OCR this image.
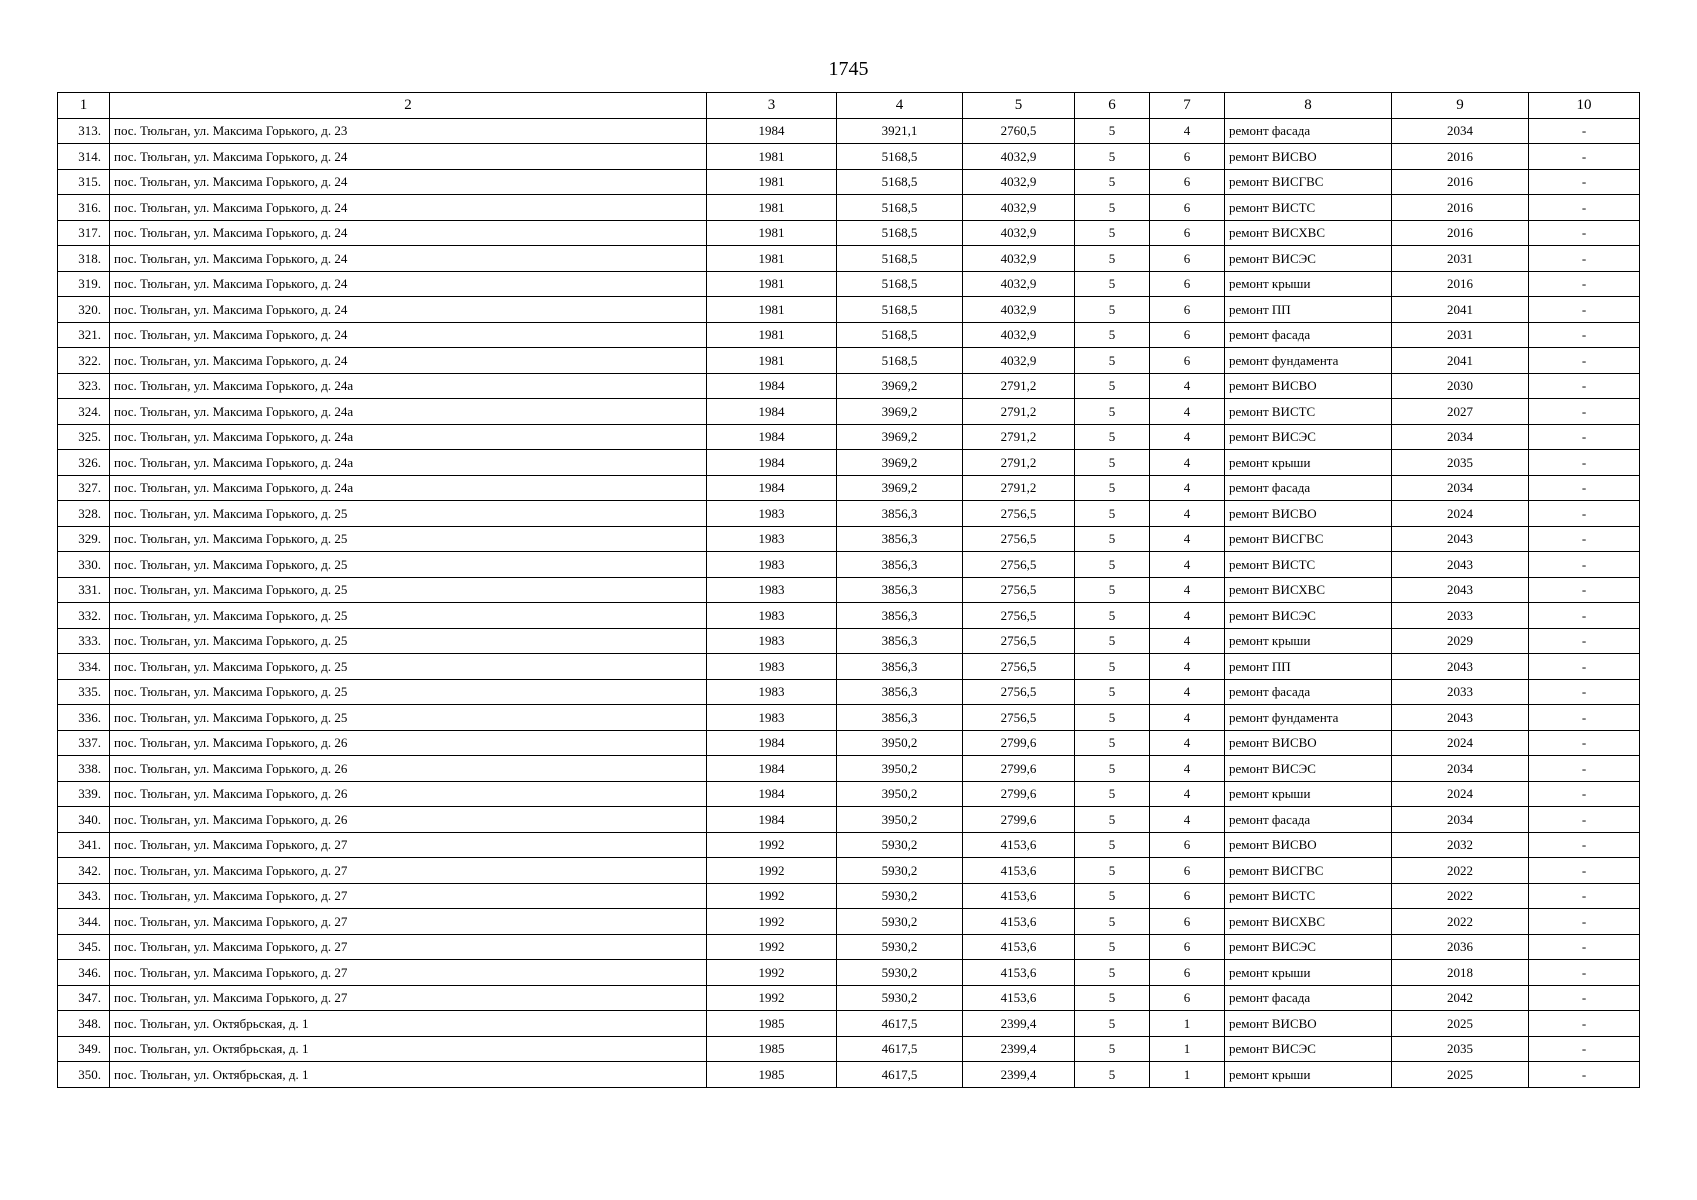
1745
1	2	3	4	5	6	7	8	9	10
313.	пос. Тюльган, ул. Максима Горького, д. 23	1984	3921,1	2760,5	5	4	ремонт фасада	2034	-
314.	пос. Тюльган, ул. Максима Горького, д. 24	1981	5168,5	4032,9	5	6	ремонт ВИСВО	2016	-
315.	пос. Тюльган, ул. Максима Горького, д. 24	1981	5168,5	4032,9	5	6	ремонт ВИСГВС	2016	-
316.	пос. Тюльган, ул. Максима Горького, д. 24	1981	5168,5	4032,9	5	6	ремонт ВИСТС	2016	-
317.	пос. Тюльган, ул. Максима Горького, д. 24	1981	5168,5	4032,9	5	6	ремонт ВИСХВС	2016	-
318.	пос. Тюльган, ул. Максима Горького, д. 24	1981	5168,5	4032,9	5	6	ремонт ВИСЭС	2031	-
319.	пос. Тюльган, ул. Максима Горького, д. 24	1981	5168,5	4032,9	5	6	ремонт крыши	2016	-
320.	пос. Тюльган, ул. Максима Горького, д. 24	1981	5168,5	4032,9	5	6	ремонт ПП	2041	-
321.	пос. Тюльган, ул. Максима Горького, д. 24	1981	5168,5	4032,9	5	6	ремонт фасада	2031	-
322.	пос. Тюльган, ул. Максима Горького, д. 24	1981	5168,5	4032,9	5	6	ремонт фундамента	2041	-
323.	пос. Тюльган, ул. Максима Горького, д. 24а	1984	3969,2	2791,2	5	4	ремонт ВИСВО	2030	-
324.	пос. Тюльган, ул. Максима Горького, д. 24а	1984	3969,2	2791,2	5	4	ремонт ВИСТС	2027	-
325.	пос. Тюльган, ул. Максима Горького, д. 24а	1984	3969,2	2791,2	5	4	ремонт ВИСЭС	2034	-
326.	пос. Тюльган, ул. Максима Горького, д. 24а	1984	3969,2	2791,2	5	4	ремонт крыши	2035	-
327.	пос. Тюльган, ул. Максима Горького, д. 24а	1984	3969,2	2791,2	5	4	ремонт фасада	2034	-
328.	пос. Тюльган, ул. Максима Горького, д. 25	1983	3856,3	2756,5	5	4	ремонт ВИСВО	2024	-
329.	пос. Тюльган, ул. Максима Горького, д. 25	1983	3856,3	2756,5	5	4	ремонт ВИСГВС	2043	-
330.	пос. Тюльган, ул. Максима Горького, д. 25	1983	3856,3	2756,5	5	4	ремонт ВИСТС	2043	-
331.	пос. Тюльган, ул. Максима Горького, д. 25	1983	3856,3	2756,5	5	4	ремонт ВИСХВС	2043	-
332.	пос. Тюльган, ул. Максима Горького, д. 25	1983	3856,3	2756,5	5	4	ремонт ВИСЭС	2033	-
333.	пос. Тюльган, ул. Максима Горького, д. 25	1983	3856,3	2756,5	5	4	ремонт крыши	2029	-
334.	пос. Тюльган, ул. Максима Горького, д. 25	1983	3856,3	2756,5	5	4	ремонт ПП	2043	-
335.	пос. Тюльган, ул. Максима Горького, д. 25	1983	3856,3	2756,5	5	4	ремонт фасада	2033	-
336.	пос. Тюльган, ул. Максима Горького, д. 25	1983	3856,3	2756,5	5	4	ремонт фундамента	2043	-
337.	пос. Тюльган, ул. Максима Горького, д. 26	1984	3950,2	2799,6	5	4	ремонт ВИСВО	2024	-
338.	пос. Тюльган, ул. Максима Горького, д. 26	1984	3950,2	2799,6	5	4	ремонт ВИСЭС	2034	-
339.	пос. Тюльган, ул. Максима Горького, д. 26	1984	3950,2	2799,6	5	4	ремонт крыши	2024	-
340.	пос. Тюльган, ул. Максима Горького, д. 26	1984	3950,2	2799,6	5	4	ремонт фасада	2034	-
341.	пос. Тюльган, ул. Максима Горького, д. 27	1992	5930,2	4153,6	5	6	ремонт ВИСВО	2032	-
342.	пос. Тюльган, ул. Максима Горького, д. 27	1992	5930,2	4153,6	5	6	ремонт ВИСГВС	2022	-
343.	пос. Тюльган, ул. Максима Горького, д. 27	1992	5930,2	4153,6	5	6	ремонт ВИСТС	2022	-
344.	пос. Тюльган, ул. Максима Горького, д. 27	1992	5930,2	4153,6	5	6	ремонт ВИСХВС	2022	-
345.	пос. Тюльган, ул. Максима Горького, д. 27	1992	5930,2	4153,6	5	6	ремонт ВИСЭС	2036	-
346.	пос. Тюльган, ул. Максима Горького, д. 27	1992	5930,2	4153,6	5	6	ремонт крыши	2018	-
347.	пос. Тюльган, ул. Максима Горького, д. 27	1992	5930,2	4153,6	5	6	ремонт фасада	2042	-
348.	пос. Тюльган, ул. Октябрьская, д. 1	1985	4617,5	2399,4	5	1	ремонт ВИСВО	2025	-
349.	пос. Тюльган, ул. Октябрьская, д. 1	1985	4617,5	2399,4	5	1	ремонт ВИСЭС	2035	-
350.	пос. Тюльган, ул. Октябрьская, д. 1	1985	4617,5	2399,4	5	1	ремонт крыши	2025	-
